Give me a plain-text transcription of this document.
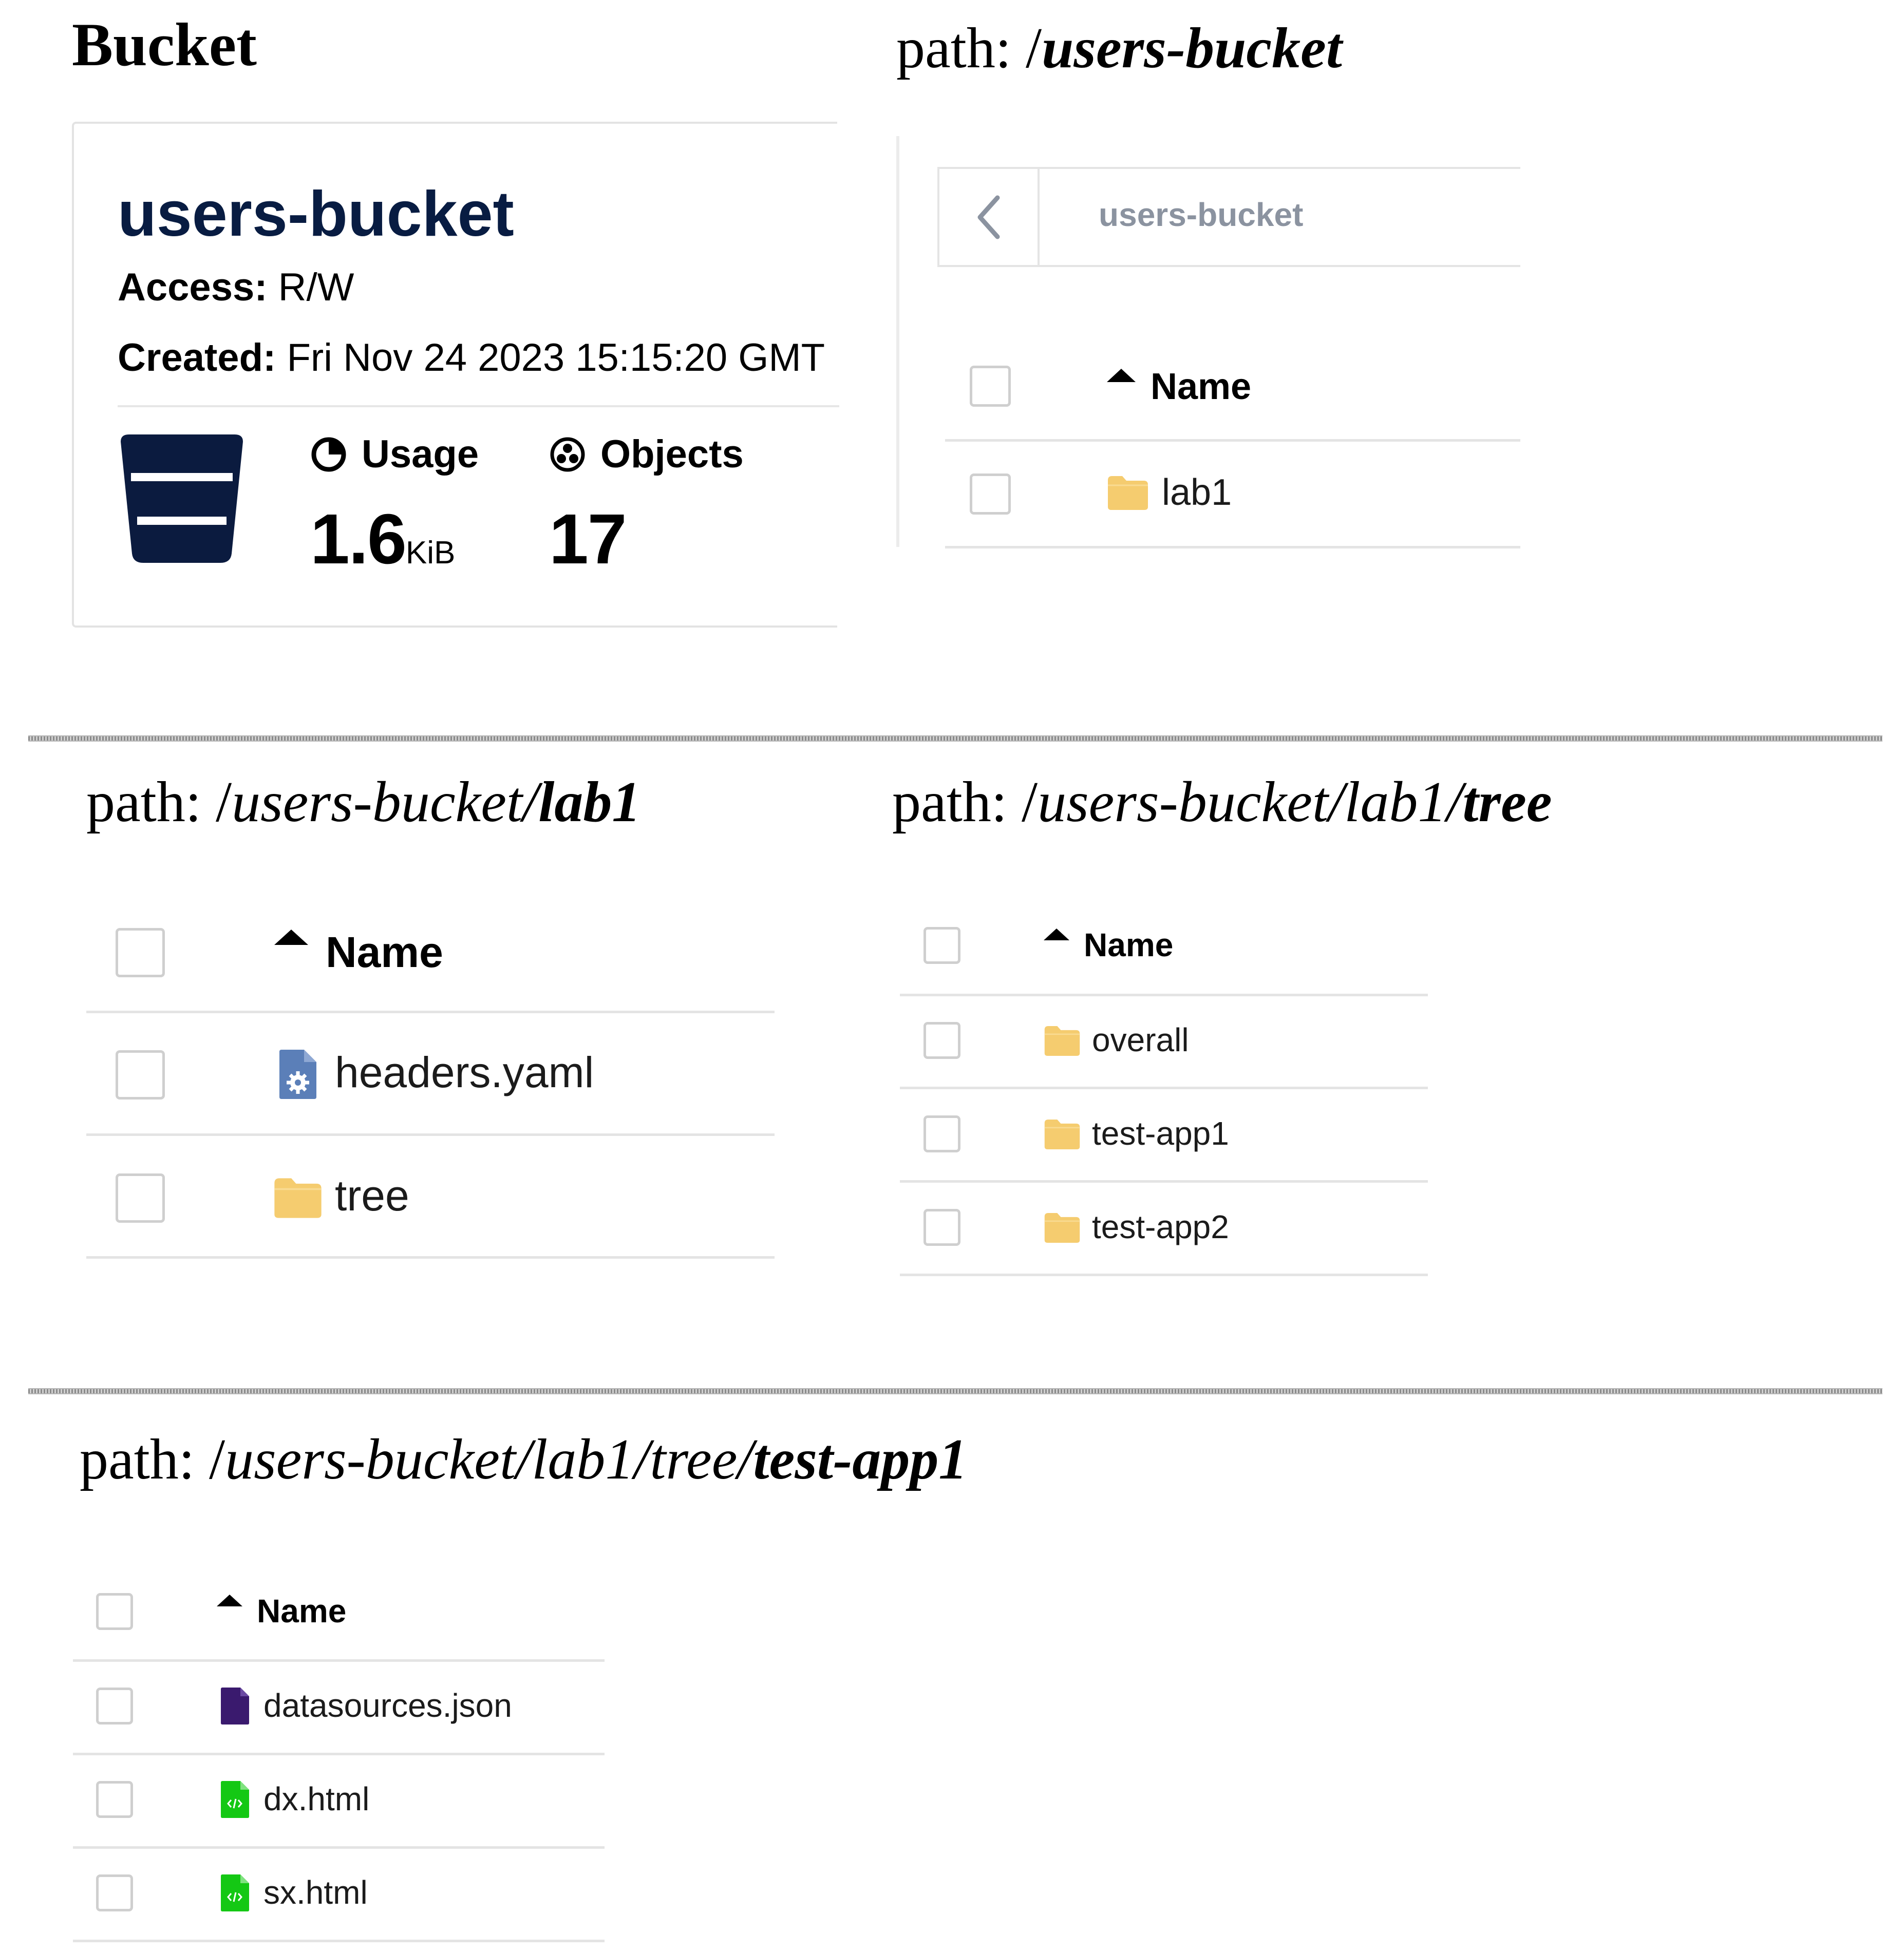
Bucket
users-bucket
Access: R/W
Created: Fri Nov 24 2023 15:15:20 GMT
Usage
1.6KiB
Objects
17
path: /users-bucket
users-bucket
Name
lab1
path: /users-bucket/lab1
Name
headers.yaml
tree
path: /users-bucket/lab1/tree
Name
overall
test-app1
test-app2
path: /users-bucket/lab1/tree/test-app1
Name
datasources.json
dx.html
sx.html
